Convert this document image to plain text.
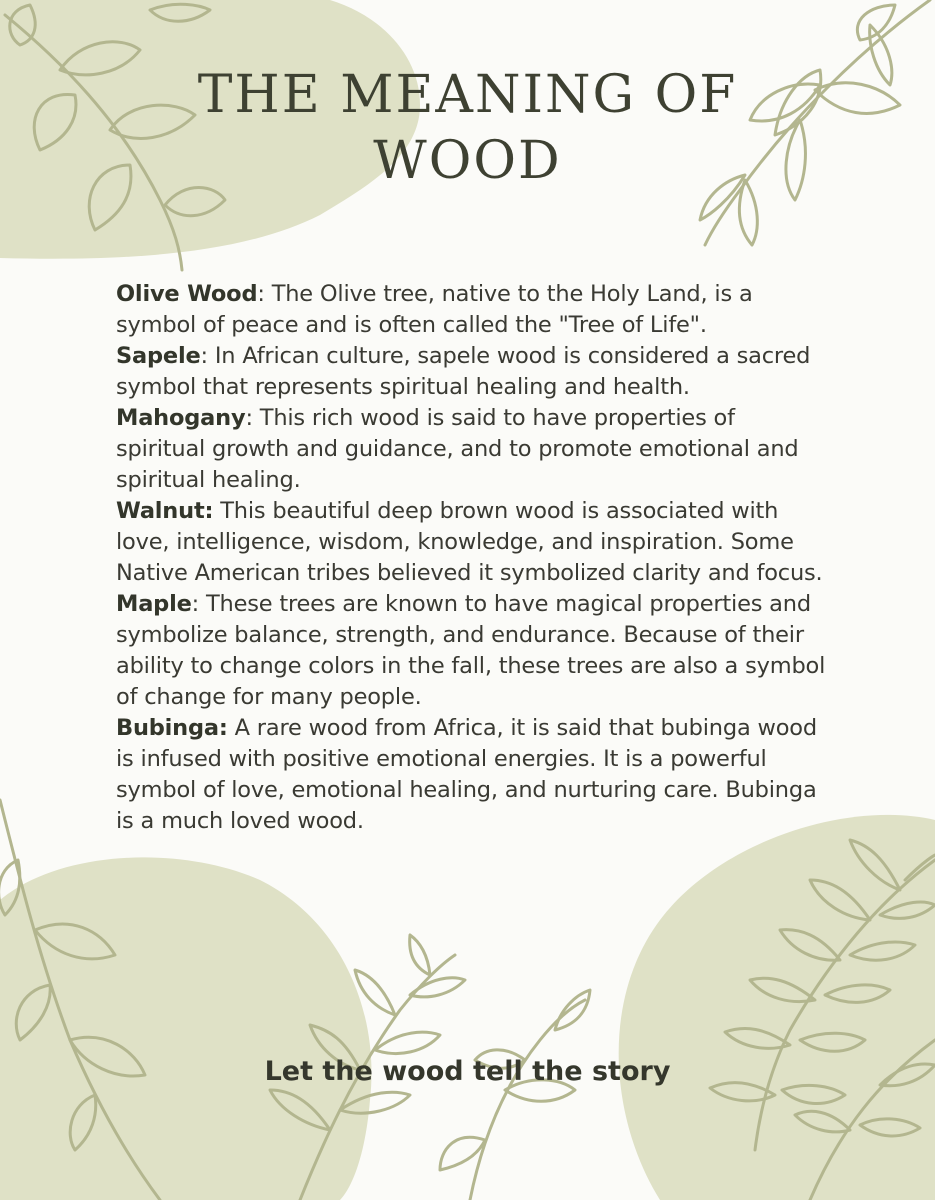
THE MEANING OF
WOOD

Olive Wood: The Olive tree, native to the Holy Land, is a symbol of peace and is often called the "Tree of Life".

Sapele: In African culture, sapele wood is considered a sacred symbol that represents spiritual healing and health.

Mahogany: This rich wood is said to have properties of spiritual growth and guidance, and to promote emotional and spiritual healing.

Walnut: This beautiful deep brown wood is associated with love, intelligence, wisdom, knowledge, and inspiration. Some Native American tribes believed it symbolized clarity and focus.

Maple: These trees are known to have magical properties and symbolize balance, strength, and endurance. Because of their ability to change colors in the fall, these trees are also a symbol of change for many people.

Bubinga: A rare wood from Africa, it is said that bubinga wood is infused with positive emotional energies. It is a powerful symbol of love, emotional healing, and nurturing care. Bubinga is a much loved wood.

Let the wood tell the story
